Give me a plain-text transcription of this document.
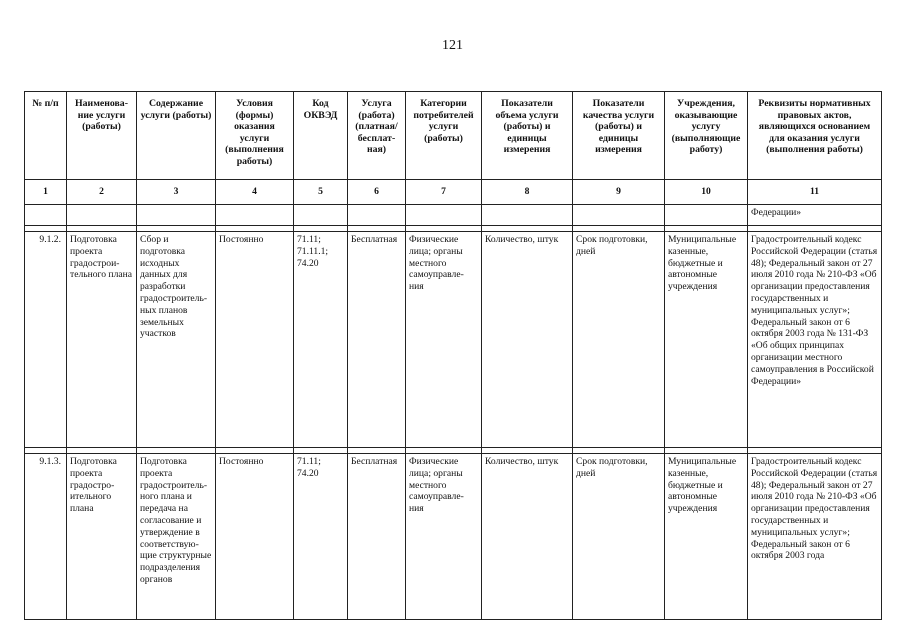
121
№ п/п	Наименова-ние услуги (работы)	Содержание услуги (работы)	Условия (формы) оказания услуги (выполнения работы)	Код ОКВЭД	Услуга (работа) (платная/ бесплат-ная)	Категории потребителей услуги (работы)	Показатели объема услуги (работы) и единицы измерения	Показатели качества услуги (работы) и единицы измерения	Учреждения, оказывающие услугу (выполняющие работу)	Реквизиты нормативных правовых актов, являющихся основанием для оказания услуги (выполнения работы)
1	2	3	4	5	6	7	8	9	10	11
										Федерации»

9.1.2.	Подготовка проекта градострои-тельного плана	Сбор и подготовка исходных данных для разработки градостроитель-ных планов земельных участков	Постоянно	71.11; 71.11.1; 74.20	Бесплатная	Физические лица; органы местного самоуправле-ния	Количество, штук	Срок подготовки, дней	Муниципальные казенные, бюджетные и автономные учреждения	Градостроительный кодекс Российской Федерации (статья 48); Федеральный закон от 27 июля 2010 года № 210-ФЗ «Об организации предоставления государственных и муниципальных услуг»; Федеральный закон от 6 октября 2003 года № 131-ФЗ «Об общих принципах организации местного самоуправления в Российской Федерации»

9.1.3.	Подготовка проекта градостро-ительного плана	Подготовка проекта градостроитель-ного плана и передача на согласование и утверждение в соответствую-щие структурные подразделения органов	Постоянно	71.11; 74.20	Бесплатная	Физические лица; органы местного самоуправле-ния	Количество, штук	Срок подготовки, дней	Муниципальные казенные, бюджетные и автономные учреждения	Градостроительный кодекс Российской Федерации (статья 48); Федеральный закон от 27 июля 2010 года № 210-ФЗ «Об организации предоставления государственных и муниципальных услуг»; Федеральный закон от 6 октября 2003 года
